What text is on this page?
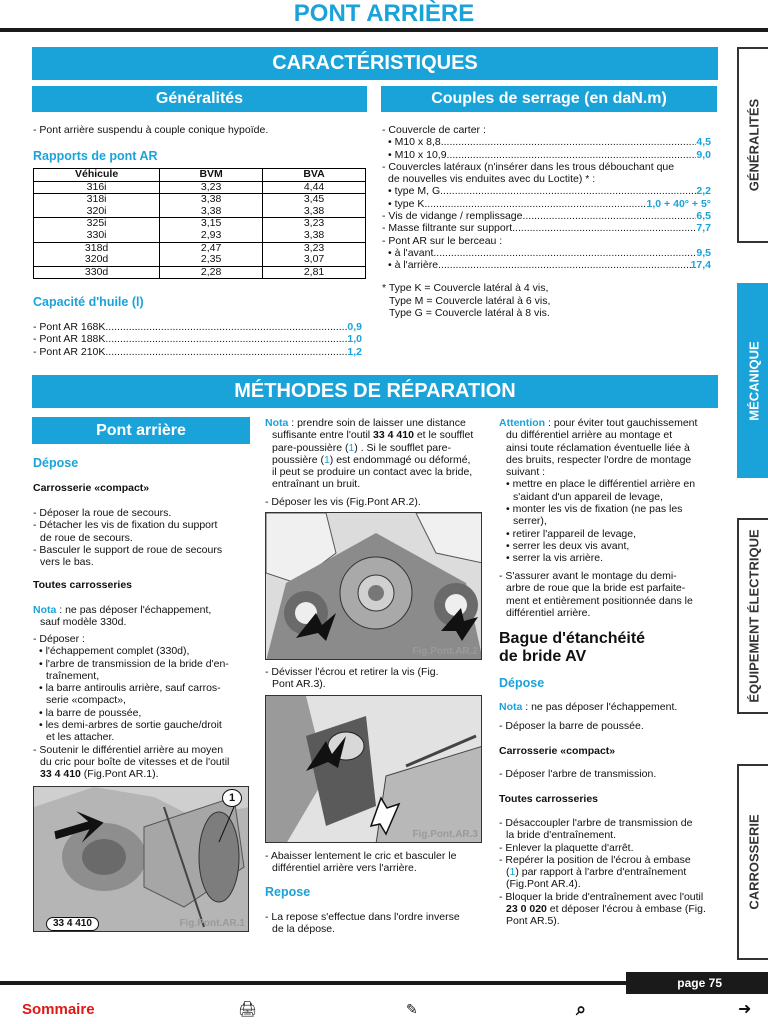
PONT ARRIÈRE
CARACTÉRISTIQUES
Généralités	Couples de serrage (en daN.m)
- Pont arrière suspendu à couple conique hypoïde.
Rapports de pont AR
Véhicule	BVM	BVA
316i	3,23	4,44
318i	3,38	3,45
320i	3,38	3,38
325i	3,15	3,23
330i	2,93	3,38
318d	2,47	3,23
320d	2,35	3,07
330d	2,28	2,81
Capacité d'huile (l)
- Pont AR 168K .....	0,9
- Pont AR 188K .....	1,0
- Pont AR 210K .....	1,2
- Couvercle de carter :
• M10 x 8,8 .....	4,5
• M10 x 10,9 .....	9,0
- Couvercles latéraux (n'insérer dans les trous débouchant que
de nouvelles vis enduites avec du Loctite) * :
• type M, G .....	2,2
• type K .....	1,0 + 40° + 5°
- Vis de vidange / remplissage .....	6,5
- Masse filtrante sur support .....	7,7
- Pont AR sur le berceau :
• à l'avant .....	9,5
• à l'arrière .....	17,4
* Type K = Couvercle latéral à 4 vis,
Type M = Couvercle latéral à 6 vis,
Type G = Couvercle latéral à 8 vis.
MÉTHODES DE RÉPARATION
Pont arrière
Dépose
Carrosserie «compact»

- Déposer la roue de secours.

- Détacher les vis de fixation du support

de roue de secours.

- Basculer le support de roue de secours

vers le bas.

Toutes carrosseries

Nota : ne pas déposer l'échappement,

sauf modèle 330d.

- Déposer :

• l'échappement complet (330d),

• l'arbre de transmission de la bride d'en-

traînement,

• la barre antiroulis arrière, sauf carros-

serie «compact»,

• la barre de poussée,

• les demi-arbres de sortie gauche/droit

et les attacher.

- Soutenir le différentiel arrière au moyen

du cric pour boîte de vitesses et de l'outil

33 4 410 (Fig.Pont AR.1).

1
33 4 410	Fig.Pont.AR.1

Nota : prendre soin de laisser une distance

suffisante entre l'outil 33 4 410 et le soufflet

pare-poussière (1) . Si le soufflet pare-

poussière (1) est endommagé ou déformé,

il peut se produire un contact avec la bride,

entraînant un bruit.

- Déposer les vis (Fig.Pont AR.2).
Fig.Pont.AR.2

- Dévisser l'écrou et retirer la vis (Fig.

Pont AR.3).

Fig.Pont.AR.3

- Abaisser lentement le cric et basculer le

différentiel arrière vers l'arrière.

Repose

- La repose s'effectue dans l'ordre inverse

de la dépose.

Attention : pour éviter tout gauchissement

du différentiel arrière au montage et

ainsi toute réclamation éventuelle liée à

des bruits, respecter l'ordre de montage

suivant :

• mettre en place le différentiel arrière en

s'aidant d'un appareil de levage,

• monter les vis de fixation (ne pas les

serrer),

• retirer l'appareil de levage,

• serrer les deux vis avant,

• serrer la vis arrière.

- S'assurer avant le montage du demi-

arbre de roue que la bride est parfaite-

ment et entièrement positionnée dans le

différentiel arrière.

Bague d'étanchéité
de bride AV
Dépose
Nota : ne pas déposer l'échappement.
- Déposer la barre de poussée.
Carrosserie «compact»
- Déposer l'arbre de transmission.
Toutes carrosseries

- Désaccoupler l'arbre de transmission de

la bride d'entraînement.

- Enlever la plaquette d'arrêt.

- Repérer la position de l'écrou à embase

(1) par rapport à l'arbre d'entraînement

(Fig.Pont AR.4).

- Bloquer la bride d'entraînement avec l'outil

23 0 020 et déposer l'écrou à embase (Fig.

Pont AR.5).

GÉNÉRALITÉS
MÉCANIQUE
ÉQUIPEMENT ÉLECTRIQUE
CARROSSERIE
page 75
Sommaire	🖨	✎	⌕	➜
